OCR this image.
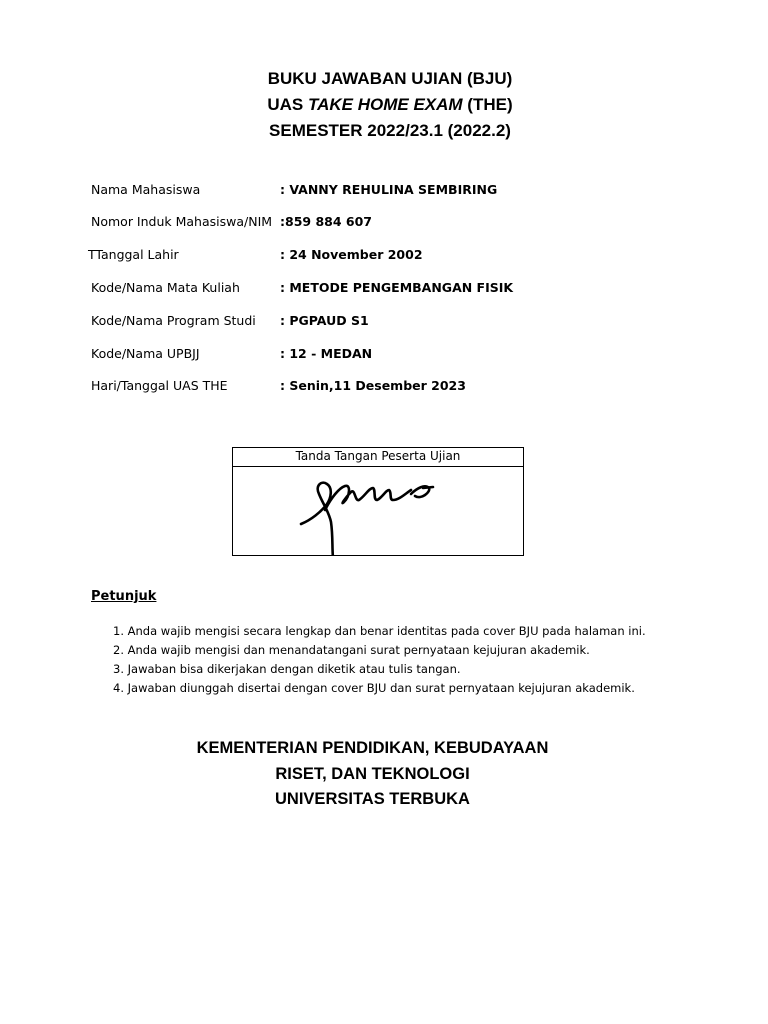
BUKU JAWABAN UJIAN (BJU)
UAS TAKE HOME EXAM (THE)
SEMESTER 2022/23.1 (2022.2)
Nama Mahasiswa	: VANNY REHULINA SEMBIRING
Nomor Induk Mahasiswa/NIM :859 884 607
TTanggal Lahir	: 24 November 2002
Kode/Nama Mata Kuliah	: METODE PENGEMBANGAN FISIK
Kode/Nama Program Studi : PGPAUD S1
Kode/Nama UPBJJ	: 12 - MEDAN
Hari/Tanggal UAS THE	: Senin,11 Desember 2023
Tanda Tangan Peserta Ujian
Petunjuk
1. Anda wajib mengisi secara lengkap dan benar identitas pada cover BJU pada halaman ini.
2. Anda wajib mengisi dan menandatangani surat pernyataan kejujuran akademik.
3. Jawaban bisa dikerjakan dengan diketik atau tulis tangan.
4. Jawaban diunggah disertai dengan cover BJU dan surat pernyataan kejujuran akademik.
KEMENTERIAN PENDIDIKAN, KEBUDAYAAN
RISET, DAN TEKNOLOGI
UNIVERSITAS TERBUKA
